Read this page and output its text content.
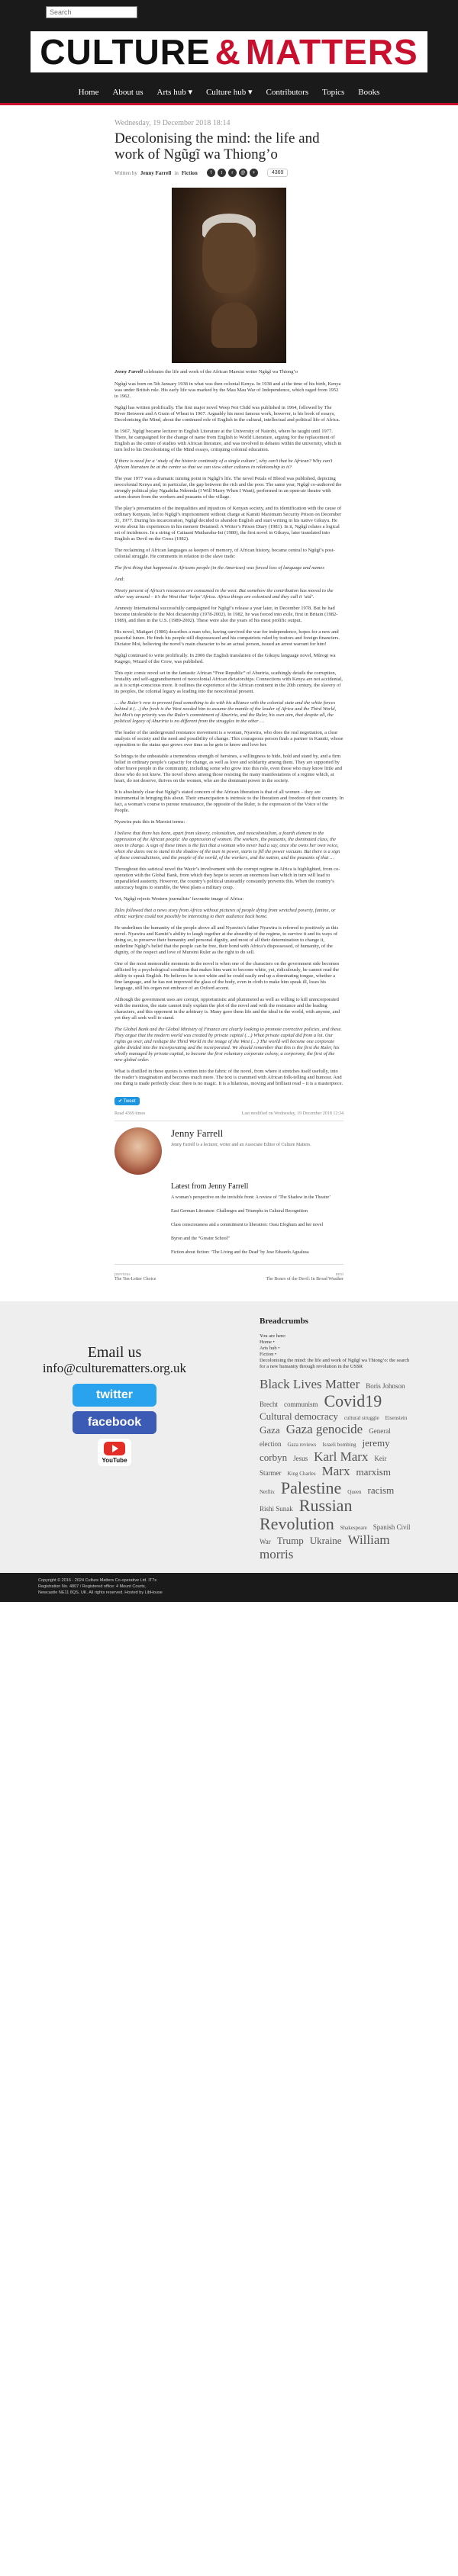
Search
CULTURE & MATTERS
Home About us Arts hub ▾ Culture hub ▾ Contributors Topics Books
Wednesday, 19 December 2018 18:14
Decolonising the mind: the life and work of Ngũgĩ wa Thiong’o
Written by Jenny Farrell in Fiction	f	t	r	@	+	4369
Jenny Farrell celebrates the life and work of the African Marxist writer Ngũgĩ wa Thiong’o

Ngũgĩ was born on 5th January 1938 in what was then colonial Kenya. In 1938 and at the time of his birth, Kenya was under British rule. His early life was marked by the Mau Mau War of Independence, which raged from 1952 to 1962.

Ngũgĩ has written prolifically. The first major novel Weep Not Child was published in 1964, followed by The River Between and A Grain of Wheat in 1967. Arguably his most famous work, however, is his book of essays, Decolonising the Mind, about the continued role of English in the cultural, intellectual and political life of Africa.

In 1967, Ngũgĩ became lecturer in English Literature at the University of Nairobi, where he taught until 1977. There, he campaigned for the change of name from English to World Literature, arguing for the replacement of English as the centre of studies with African literature, and was involved in debates within the university, which in turn led to his Decolonising of the Mind essays, critiquing colonial education.

If there is need for a ‘study of the historic continuity of a single culture’, why can’t that be African? Why can’t African literature be at the centre so that we can view other cultures in relationship to it?

The year 1977 was a dramatic turning point in Ngũgĩ’s life. The novel Petals of Blood was published, depicting neocolonial Kenya and, in particular, the gap between the rich and the poor. The same year, Ngũgĩ co-authored the strongly political play Ngaahika Ndeenda (I Will Marry When I Want), performed in an open-air theatre with actors drawn from the workers and peasants of the village.

The play’s presentation of the inequalities and injustices of Kenyan society, and its identification with the cause of ordinary Kenyans, led to Ngũgĩ’s imprisonment without charge at Kamiti Maximum Security Prison on December 31, 1977. During his incarceration, Ngũgĩ decided to abandon English and start writing in his native Gikuyu. He wrote about his experiences in his memoir Detained: A Writer’s Prison Diary (1981). In it, Ngũgĩ relates a logical set of incidences. In a string of Caitaani Mutharaba-Ini (1980), the first novel in Gikuyu, later translated into English as Devil on the Cross (1982).

The reclaiming of African languages as keepers of memory, of African history, became central to Ngũgĩ’s post-colonial struggle. He comments in relation to the slave trade:

The first thing that happened to Africans people (in the Americas) was forced loss of language and names

And:

Ninety percent of Africa’s resources are consumed in the west. But somehow the contribution has moved to the other way around – it’s the West that ‘helps’ Africa. Africa things are colonised and they call it ‘aid’.

Amnesty International successfully campaigned for Ngũgĩ’s release a year later, in December 1978. But he had become intolerable to the Moi dictatorship (1978-2002). In 1982, he was forced into exile, first in Britain (1982-1989), and then in the U.S. (1989-2002). These were also the years of his most prolific output.

His novel, Matigari (1986) describes a man who, having survived the war for independence, hopes for a new and peaceful future. He finds his people still dispossessed and his compatriots ruled by traitors and foreign financiers. Dictator Moi, believing the novel’s main character to be an actual person, issued an arrest warrant for him!

Ngũgĩ continued to write prolifically. In 2006 the English translation of the Gikuyu language novel, Mũrogi wa Kagogo, Wizard of the Crow, was published.

This epic comic novel set in the fantastic African “Free Republic” of Aburiria, scathingly details the corruption, brutality and self-aggrandisement of neocolonial African dictatorships. Connections with Kenya are not accidental, as it is script-conscious more. It outlines the experience of the African continent in the 20th century, the slavery of its peoples, the colonial legacy as leading into the neocolonial present.

… the Ruler’s vow to prevent food something to do with his alliance with the colonial state and the white forces behind it (…) the fresh is the West needed him to assume the mantle of the leader of Africa and the Third World, but Moi’s top priority was the Ruler’s commitment of Aburiria, and the Ruler, his own aim, that despite all, the political legacy of Aburiria is no different from the struggles in the other …

The leader of the underground resistance movement is a woman, Nyawira, who does the real negotiation, a clear analysis of society and the need and possibility of change. This courageous person finds a partner in Kamiti, whose opposition to the status quo grows over time as he gets to know and love her.

So brings to the unbeatable a tremendous strength of heroines, a willingness to hide, hold and stand by, and a firm belief in ordinary people’s capacity for change, as well as love and solidarity among them. They are supported by other brave people in the community, including some who grow into this role, even those who may know little and those who do not know. The novel shows among those resisting the many manifestations of a regime which, at heart, do not deserve, thrives on the women, who are the dominant power in the society.

It is absolutely clear that Ngũgĩ’s stated concern of the African liberation is that of all women – they are instrumental in bringing this about. Their emancipation is intrinsic to the liberation and freedom of their country. In fact, a woman’s course to pursue renaissance, the opposite of the Ruler, is the expression of the Voice of the People.

Nyawira puts this in Marxist terms:

I believe that there has been, apart from slavery, colonialism, and neocolonialism, a fourth element in the oppression of the African people: the oppression of women. The workers, the peasants, the dominated class, the ones in charge. A sign of these times is the fact that a woman who never had a say, once she owns her own voice, when she dares not to stand in the shadow of the men in power, starts to fill the power vacuum. But there is a sign of these contradictions, and the people of the world, of the workers, and the nation, and the peasants of that …

Throughout this satirical novel the Wazir’s involvement with the corrupt regime in Africa is highlighted, from co-operation with the Global Bank, from which they hope to secure an enormous loan which in turn will lead to unparalleled austerity. However, the country’s political unsteadily constantly prevents this. When the country’s autocracy begins to stumble, the West plans a military coup.

Yet, Ngũgĩ rejects Western journalists’ favourite image of Africa:

Tales followed that a news story from Africa without pictures of people dying from wretched poverty, famine, or ethnic warfare could not possibly be interesting to their audience back home.

He underlines the humanity of the people above all and Nyawira’s father Nyawira is referred to positively as this novel. Nyawira and Kamiti’s ability to laugh together at the absurdity of the regime, to survive it and its ways of doing so, to preserve their humanity and personal dignity, and most of all their determination to change it, underline Ngũgĩ’s belief that the people can be free, their bond with Africa’s dispossessed, of humanity, of the dignity, of the respect and love of Muroini Ruler as the right to do sell.

One of the most memorable moments in the novel is when one of the characters on the government side becomes afflicted by a psychological condition that makes him want to become white, yet, ridiculously, he cannot read the ability to speak English. He believes he is not white and he could easily end up a dominating tongue, whether a fine language, and he has not improved the glass of the body, even in cloth to make him speak ill, loses his language, still his organ not embrace of an Oxford accent.

Although the government uses are corrupt, opportunistic and plummeted as well as willing to kill unincorporated with the mention, the state cannot truly explain the plot of the novel and with the resistance and the leading characters, and this opponent in the arbitrary is. Many gave them life and the ideal in the world, with anyone, and yet they all seek well to stand.

The Global Bank and the Global Ministry of Finance are clearly looking to promote corrective policies, and these. They argue that the modern world was created by private capital (…) What private capital did from a lot. Our rights go over, and reshape the Third World in the image of the West (…) The world will become one corporate globe divided into the incorporating and the incorporated. We should remember that this is the first the Ruler, his wholly managed by private capital, to become the first voluntary corporate colony, a corporony, the first of the new global order.

What is distilled in these quotes is written into the fabric of the novel, from where it stretches itself usefully, into the reader’s imagination and becomes much more. The text is crammed with African folk-telling and humour. And one thing is made perfectly clear: there is no magic. It is a hilarious, moving and brilliant read – it is a masterpiece.

✔ Tweet
Read 4369 times	Last modified on Wednesday, 19 December 2018 12:34
Jenny Farrell
Jenny Farrell is a lecturer, writer and an Associate Editor of Culture Matters.
Latest from Jenny Farrell
A woman’s perspective on the invisible front: A review of ‘The Shadow in the Theatre’
East German Literature: Challenges and Triumphs in Cultural Recognition
Class consciousness and a commitment to liberation: Ousu Efoghum and her novel
Byron and the “Greater School”
Fiction about fiction: ‘The Living and the Dead’ by Jose Eduardo Agualusa
previous
The Ten-Letter Choice
next
The Bones of the Devil: In Broad Weather
Email us
info@culturematters.org.uk
twitter
facebook
YouTube
Breadcrumbs
You are here:
Home •
Arts hub •
Fiction •
Decolonising the mind: the life and work of Ngũgĩ wa Thiong’o: the search for a new humanity through revolution in the USSR
Black Lives Matter Boris Johnson Brecht communism Covid19 Cultural democracy cultural struggle Eisenstein Gaza Gaza genocide General election Gaza reviews Israeli bombing jeremy corbyn Jesus Karl Marx Keir Starmer King Charles Marx marxism Netflix Palestine Queen racism Rishi Sunak Russian Revolution Shakespeare Spanish Civil War Trump Ukraine William morris
Copyright © 2016 - 2024 Culture Matters Co-operative Ltd. IT7s
Registration No. 4807 / Registered office: 4 Mount Courts,
Newcastle NE11 8QS, UK. All rights reserved. Hosted by LibHouse
